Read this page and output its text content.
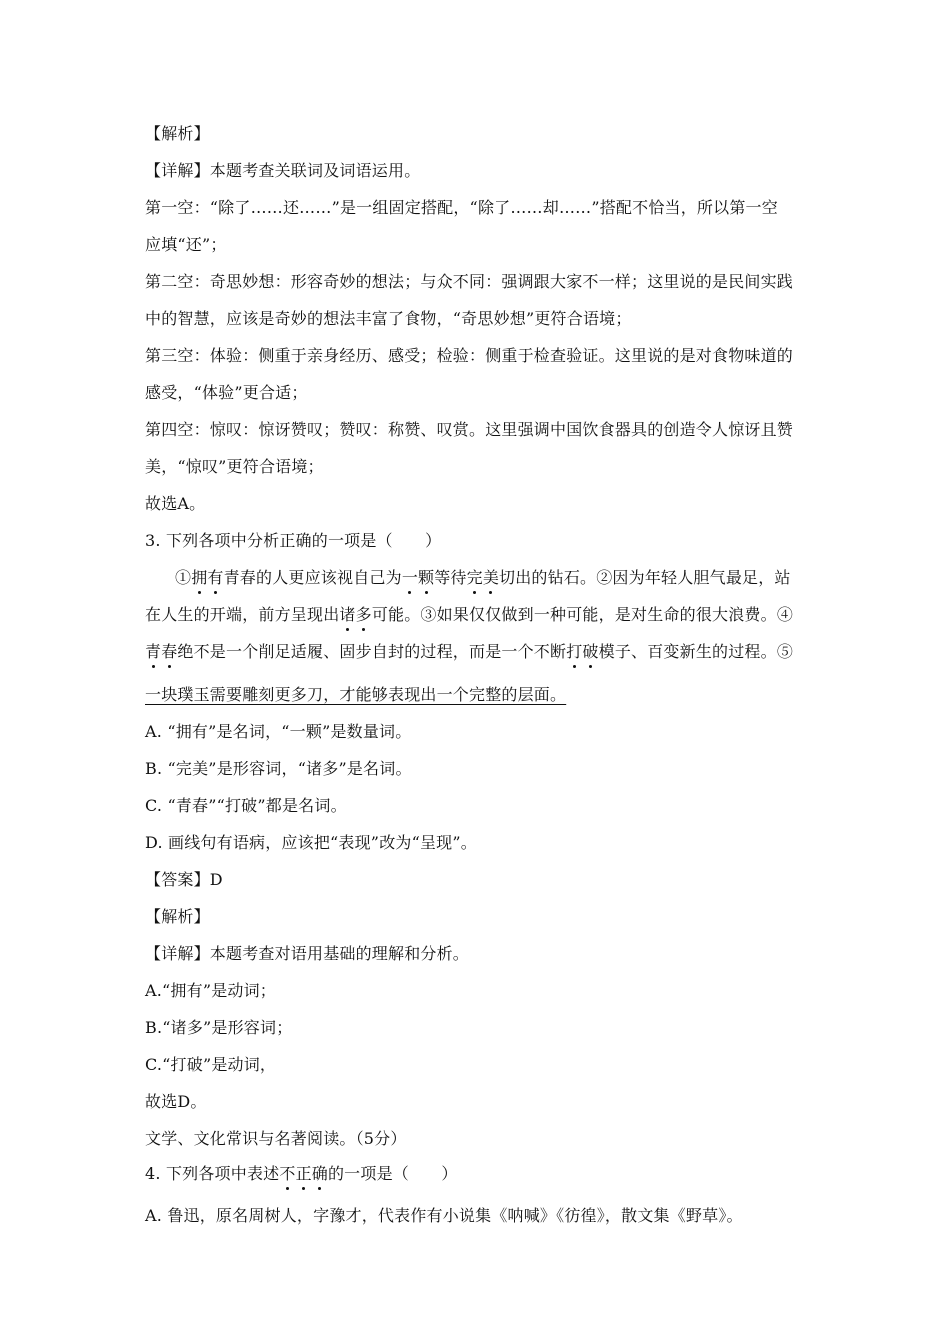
【解析】
【详解】本题考查关联词及词语运用。
第一空：“除了……还……”是一组固定搭配，“除了……却……”搭配不恰当，所以第一空
应填“还”；
第二空：奇思妙想：形容奇妙的想法；与众不同：强调跟大家不一样；这里说的是民间实践
中的智慧，应该是奇妙的想法丰富了食物，“奇思妙想”更符合语境；
第三空：体验：侧重于亲身经历、感受；检验：侧重于检查验证。这里说的是对食物味道的
感受，“体验”更合适；
第四空：惊叹：惊讶赞叹；赞叹：称赞、叹赏。这里强调中国饮食器具的创造令人惊讶且赞
美，“惊叹”更符合语境；
故选A。
3. 下列各项中分析正确的一项是（　　）
①拥有青春的人更应该视自己为一颗等待完美切出的钻石。②因为年轻人胆气最足，站
在人生的开端，前方呈现出诸多可能。③如果仅仅做到一种可能，是对生命的很大浪费。④
青春绝不是一个削足适履、固步自封的过程，而是一个不断打破模子、百变新生的过程。⑤
一块璞玉需要雕刻更多刀，才能够表现出一个完整的层面。
A. “拥有”是名词，“一颗”是数量词。
B. “完美”是形容词，“诸多”是名词。
C. “青春”“打破”都是名词。
D. 画线句有语病，应该把“表现”改为“呈现”。
【答案】D
【解析】
【详解】本题考查对语用基础的理解和分析。
A.“拥有”是动词；
B.“诸多”是形容词；
C.“打破”是动词，
故选D。
文学、文化常识与名著阅读。（5分）
4. 下列各项中表述不正确的一项是（　　）
A. 鲁迅，原名周树人，字豫才，代表作有小说集《呐喊》《彷徨》，散文集《野草》。
